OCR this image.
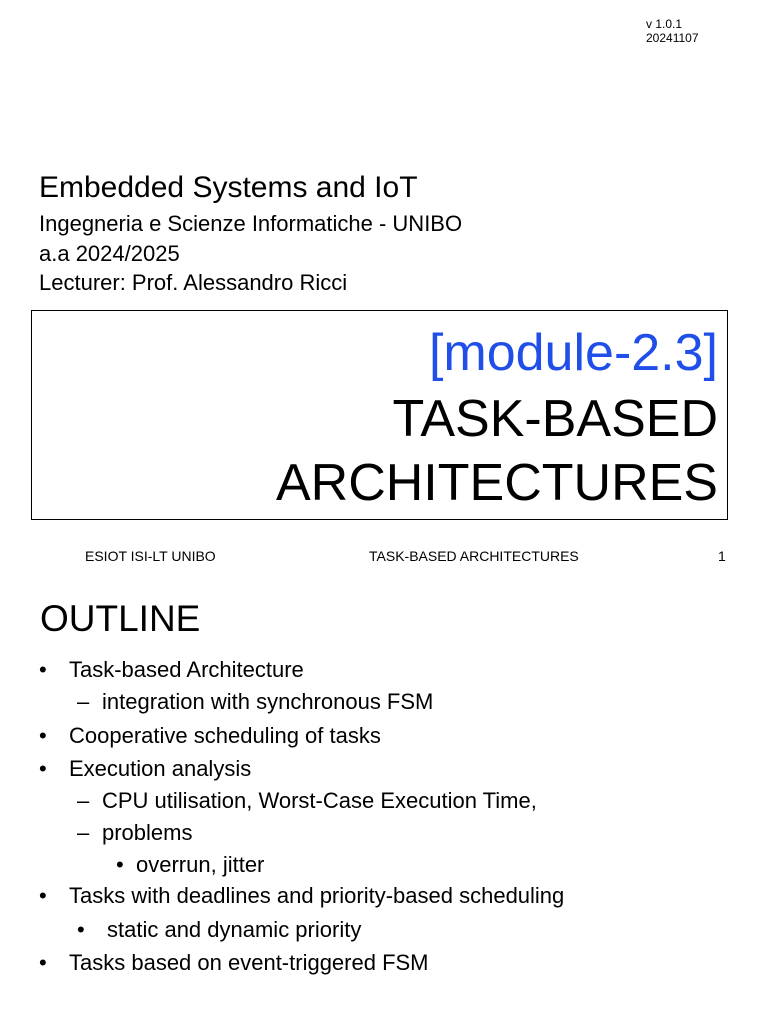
v 1.0.1
20241107
Embedded Systems and IoT
Ingegneria e Scienze Informatiche - UNIBO
a.a 2024/2025
Lecturer: Prof. Alessandro Ricci
[module-2.3]
TASK-BASED
ARCHITECTURES
ESIOT ISI-LT UNIBO	TASK-BASED ARCHITECTURES	1
OUTLINE
• Task-based Architecture
– integration with synchronous FSM
• Cooperative scheduling of tasks
• Execution analysis
– CPU utilisation, Worst-Case Execution Time,
– problems
• overrun, jitter
• Tasks with deadlines and priority-based scheduling
• static and dynamic priority
• Tasks based on event-triggered FSM
